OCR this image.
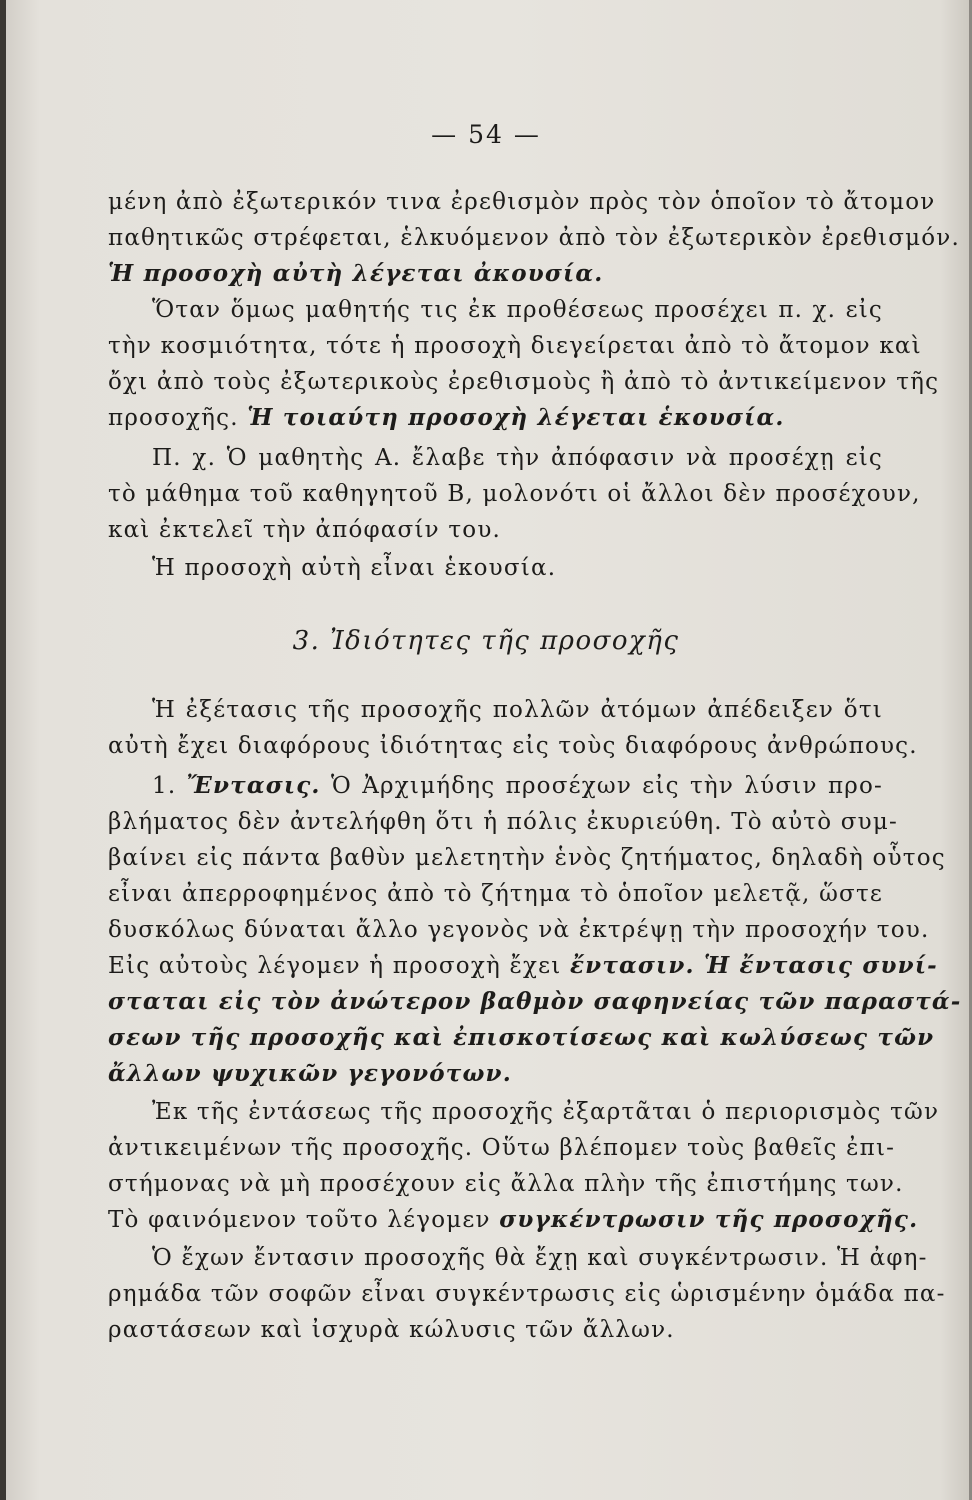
— 54 —
μένη ἀπὸ ἐξωτερικόν τινα ἐρεθισμὸν πρὸς τὸν ὁποῖον τὸ ἄτομον
παθητικῶς στρέφεται, ἑλκυόμενον ἀπὸ τὸν ἐξωτερικὸν ἐρεθισμόν.
Ἡ προσοχὴ αὐτὴ λέγεται ἀκουσία.
Ὅταν ὅμως μαθητής τις ἐκ προθέσεως προσέχει π. χ. εἰς
τὴν κοσμιότητα, τότε ἡ προσοχὴ διεγείρεται ἀπὸ τὸ ἄτομον καὶ
ὄχι ἀπὸ τοὺς ἐξωτερικοὺς ἐρεθισμοὺς ἢ ἀπὸ τὸ ἀντικείμενον τῆς
προσοχῆς. Ἡ τοιαύτη προσοχὴ λέγεται ἑκουσία.
Π. χ. Ὁ μαθητὴς Α. ἔλαβε τὴν ἀπόφασιν νὰ προσέχῃ εἰς
τὸ μάθημα τοῦ καθηγητοῦ Β, μολονότι οἱ ἄλλοι δὲν προσέχουν,
καὶ ἐκτελεῖ τὴν ἀπόφασίν του.
Ἡ προσοχὴ αὐτὴ εἶναι ἑκουσία.
3. Ἰδιότητες τῆς προσοχῆς
Ἡ ἐξέτασις τῆς προσοχῆς πολλῶν ἀτόμων ἀπέδειξεν ὅτι
αὐτὴ ἔχει διαφόρους ἰδιότητας εἰς τοὺς διαφόρους ἀνθρώπους.
1. Ἔντασις. Ὁ Ἀρχιμήδης προσέχων εἰς τὴν λύσιν προ-
βλήματος δὲν ἀντελήφθη ὅτι ἡ πόλις ἐκυριεύθη. Τὸ αὐτὸ συμ-
βαίνει εἰς πάντα βαθὺν μελετητὴν ἑνὸς ζητήματος, δηλαδὴ οὗτος
εἶναι ἀπερροφημένος ἀπὸ τὸ ζήτημα τὸ ὁποῖον μελετᾷ, ὥστε
δυσκόλως δύναται ἄλλο γεγονὸς νὰ ἐκτρέψῃ τὴν προσοχήν του.
Εἰς αὐτοὺς λέγομεν ἡ προσοχὴ ἔχει ἔντασιν. Ἡ ἔντασις συνί-
σταται εἰς τὸν ἀνώτερον βαθμὸν σαφηνείας τῶν παραστά-
σεων τῆς προσοχῆς καὶ ἐπισκοτίσεως καὶ κωλύσεως τῶν
ἄλλων ψυχικῶν γεγονότων.
Ἐκ τῆς ἐντάσεως τῆς προσοχῆς ἐξαρτᾶται ὁ περιορισμὸς τῶν
ἀντικειμένων τῆς προσοχῆς. Οὕτω βλέπομεν τοὺς βαθεῖς ἐπι-
στήμονας νὰ μὴ προσέχουν εἰς ἄλλα πλὴν τῆς ἐπιστήμης των.
Τὸ φαινόμενον τοῦτο λέγομεν συγκέντρωσιν τῆς προσοχῆς.
Ὁ ἔχων ἔντασιν προσοχῆς θὰ ἔχῃ καὶ συγκέντρωσιν. Ἡ ἀφη-
ρημάδα τῶν σοφῶν εἶναι συγκέντρωσις εἰς ὡρισμένην ὁμάδα πα-
ραστάσεων καὶ ἰσχυρὰ κώλυσις τῶν ἄλλων.
